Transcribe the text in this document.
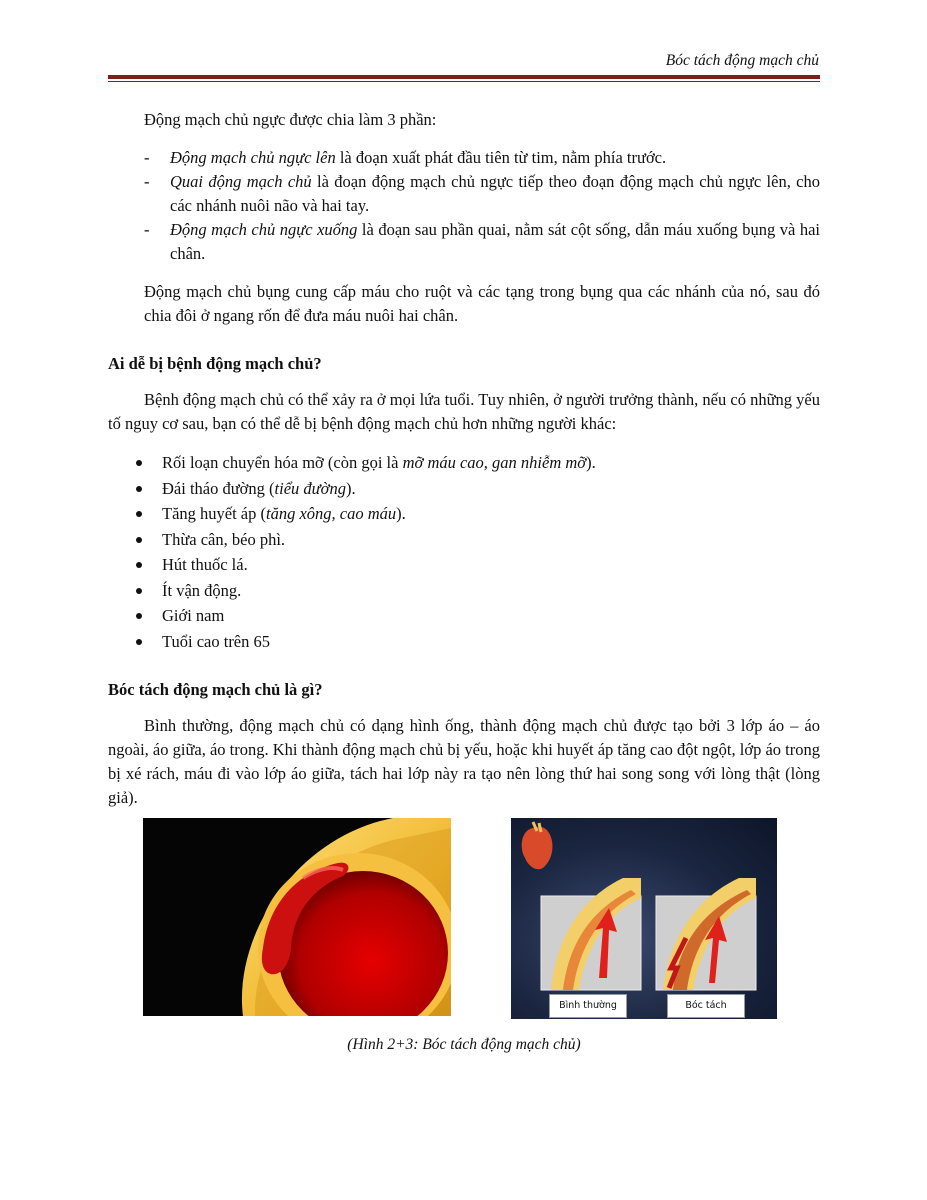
Bóc tách động mạch chủ

Động mạch chủ ngực được chia làm 3 phần:

- Động mạch chủ ngực lên là đoạn xuất phát đầu tiên từ tim, nằm phía trước.
- Quai động mạch chủ là đoạn động mạch chủ ngực tiếp theo đoạn động mạch chủ ngực lên, cho các nhánh nuôi não và hai tay.
- Động mạch chủ ngực xuống là đoạn sau phần quai, nằm sát cột sống, dẫn máu xuống bụng và hai chân.

Động mạch chủ bụng cung cấp máu cho ruột và các tạng trong bụng qua các nhánh của nó, sau đó chia đôi ở ngang rốn để đưa máu nuôi hai chân.

Ai dễ bị bệnh động mạch chủ?

Bệnh động mạch chủ có thể xảy ra ở mọi lứa tuổi. Tuy nhiên, ở người trưởng thành, nếu có những yếu tố nguy cơ sau, bạn có thể dễ bị bệnh động mạch chủ hơn những người khác:

Rối loạn chuyển hóa mỡ (còn gọi là mỡ máu cao, gan nhiễm mỡ).
Đái tháo đường (tiểu đường).
Tăng huyết áp (tăng xông, cao máu).
Thừa cân, béo phì.
Hút thuốc lá.
Ít vận động.
Giới nam
Tuổi cao trên 65
Bóc tách động mạch chủ là gì?

Bình thường, động mạch chủ có dạng hình ống, thành động mạch chủ được tạo bởi 3 lớp áo – áo ngoài, áo giữa, áo trong. Khi thành động mạch chủ bị yếu, hoặc khi huyết áp tăng cao đột ngột, lớp áo trong bị xé rách, máu đi vào lớp áo giữa, tách hai lớp này ra tạo nên lòng thứ hai song song với lòng thật (lòng giả).

Bình thường	Bóc tách
(Hình 2+3: Bóc tách động mạch chủ)
